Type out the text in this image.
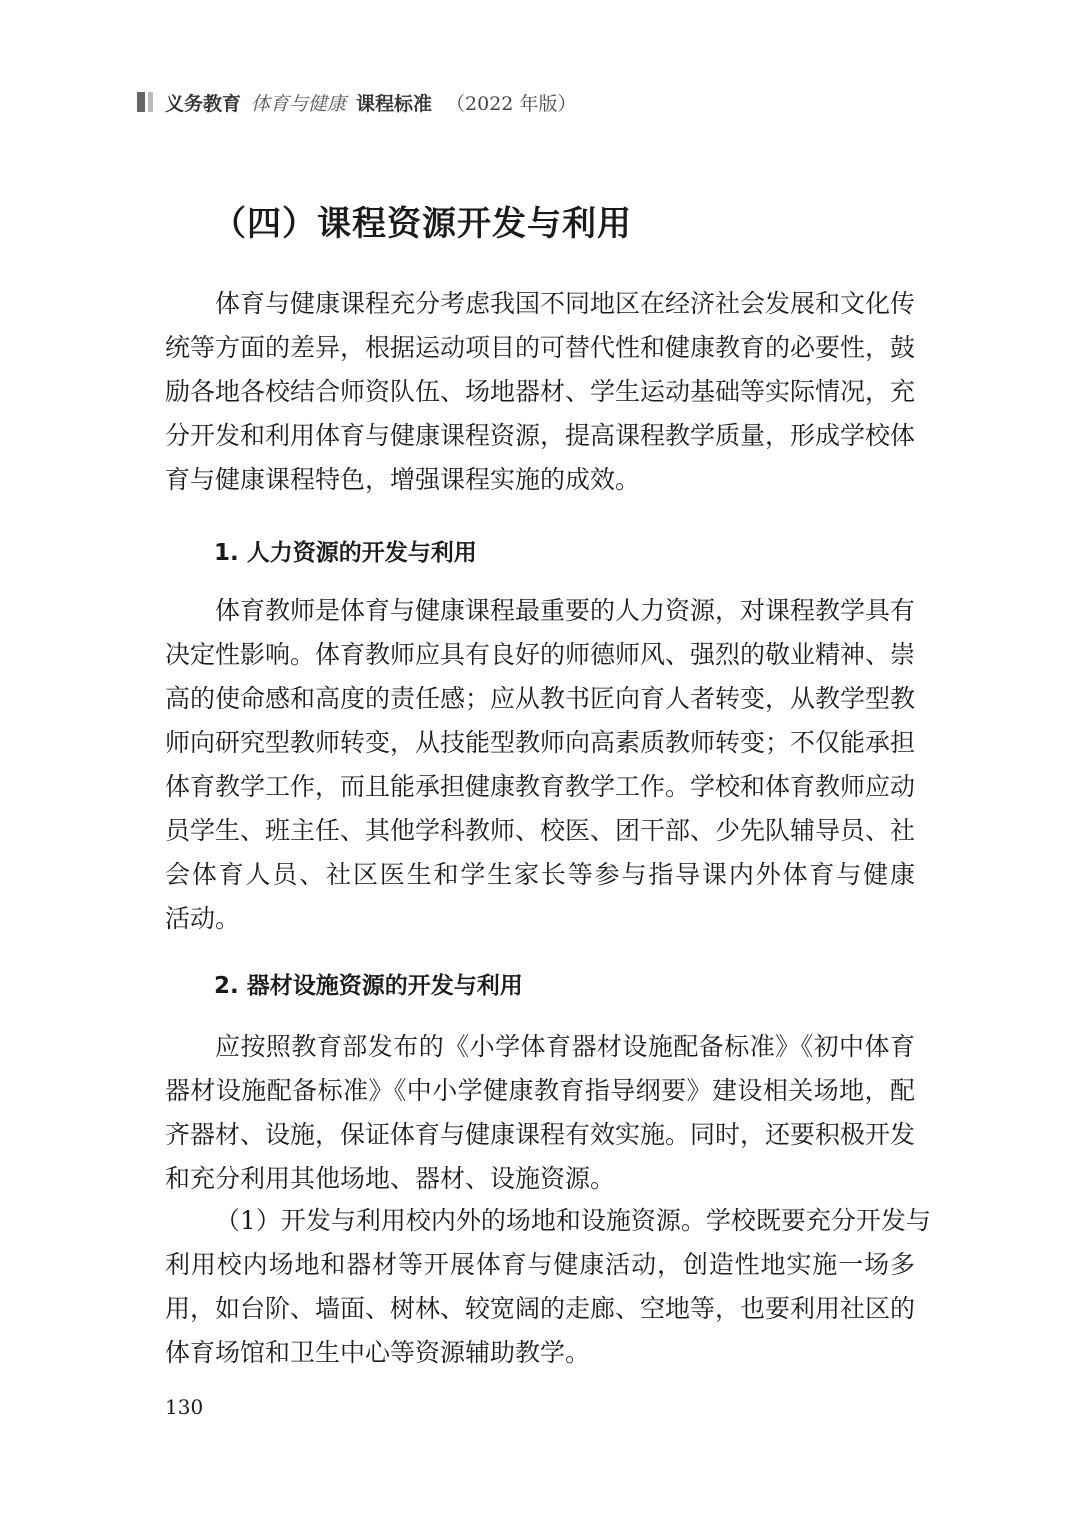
义务教育 体育与健康 课程标准 （2022 年版）
（四）课程资源开发与利用
体育与健康课程充分考虑我国不同地区在经济社会发展和文化传
统等方面的差异，根据运动项目的可替代性和健康教育的必要性，鼓
励各地各校结合师资队伍、场地器材、学生运动基础等实际情况，充
分开发和利用体育与健康课程资源，提高课程教学质量，形成学校体
育与健康课程特色，增强课程实施的成效。
1. 人力资源的开发与利用
体育教师是体育与健康课程最重要的人力资源，对课程教学具有
决定性影响。体育教师应具有良好的师德师风、强烈的敬业精神、崇
高的使命感和高度的责任感；应从教书匠向育人者转变，从教学型教
师向研究型教师转变，从技能型教师向高素质教师转变；不仅能承担
体育教学工作，而且能承担健康教育教学工作。学校和体育教师应动
员学生、班主任、其他学科教师、校医、团干部、少先队辅导员、社
会体育人员、社区医生和学生家长等参与指导课内外体育与健康
活动。
2. 器材设施资源的开发与利用
应按照教育部发布的《小学体育器材设施配备标准》《初中体育
器材设施配备标准》《中小学健康教育指导纲要》建设相关场地，配
齐器材、设施，保证体育与健康课程有效实施。同时，还要积极开发
和充分利用其他场地、器材、设施资源。
（1）开发与利用校内外的场地和设施资源。学校既要充分开发与
利用校内场地和器材等开展体育与健康活动，创造性地实施一场多
用，如台阶、墙面、树林、较宽阔的走廊、空地等，也要利用社区的
体育场馆和卫生中心等资源辅助教学。
130
